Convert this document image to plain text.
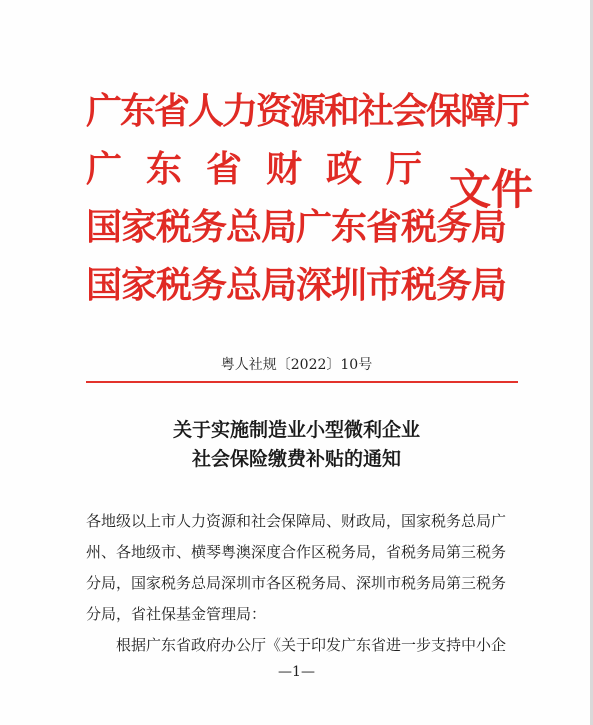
广东省人力资源和社会保障厅
广东省财政厅
国家税务总局广东省税务局
国家税务总局深圳市税务局
文件
粤人社规〔2022〕10号
关于实施制造业小型微利企业
社会保险缴费补贴的通知

各地级以上市人力资源和社会保障局、财政局，国家税务总局广州、各地级市、横琴粤澳深度合作区税务局，省税务局第三税务分局，国家税务总局深圳市各区税务局、深圳市税务局第三税务分局，省社保基金管理局：

根据广东省政府办公厅《关于印发广东省进一步支持中小企

—1—
